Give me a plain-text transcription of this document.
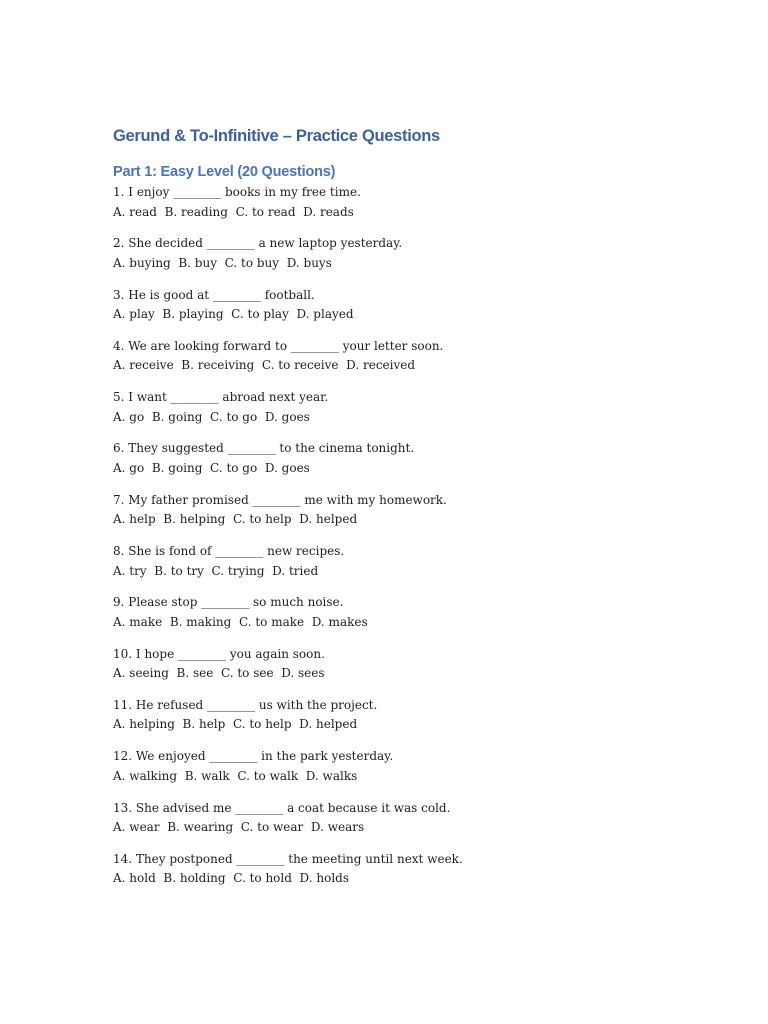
Gerund & To-Infinitive – Practice Questions
Part 1: Easy Level (20 Questions)
1. I enjoy ________ books in my free time.
A. read  B. reading  C. to read  D. reads
2. She decided ________ a new laptop yesterday.
A. buying  B. buy  C. to buy  D. buys
3. He is good at ________ football.
A. play  B. playing  C. to play  D. played
4. We are looking forward to ________ your letter soon.
A. receive  B. receiving  C. to receive  D. received
5. I want ________ abroad next year.
A. go  B. going  C. to go  D. goes
6. They suggested ________ to the cinema tonight.
A. go  B. going  C. to go  D. goes
7. My father promised ________ me with my homework.
A. help  B. helping  C. to help  D. helped
8. She is fond of ________ new recipes.
A. try  B. to try  C. trying  D. tried
9. Please stop ________ so much noise.
A. make  B. making  C. to make  D. makes
10. I hope ________ you again soon.
A. seeing  B. see  C. to see  D. sees
11. He refused ________ us with the project.
A. helping  B. help  C. to help  D. helped
12. We enjoyed ________ in the park yesterday.
A. walking  B. walk  C. to walk  D. walks
13. She advised me ________ a coat because it was cold.
A. wear  B. wearing  C. to wear  D. wears
14. They postponed ________ the meeting until next week.
A. hold  B. holding  C. to hold  D. holds
